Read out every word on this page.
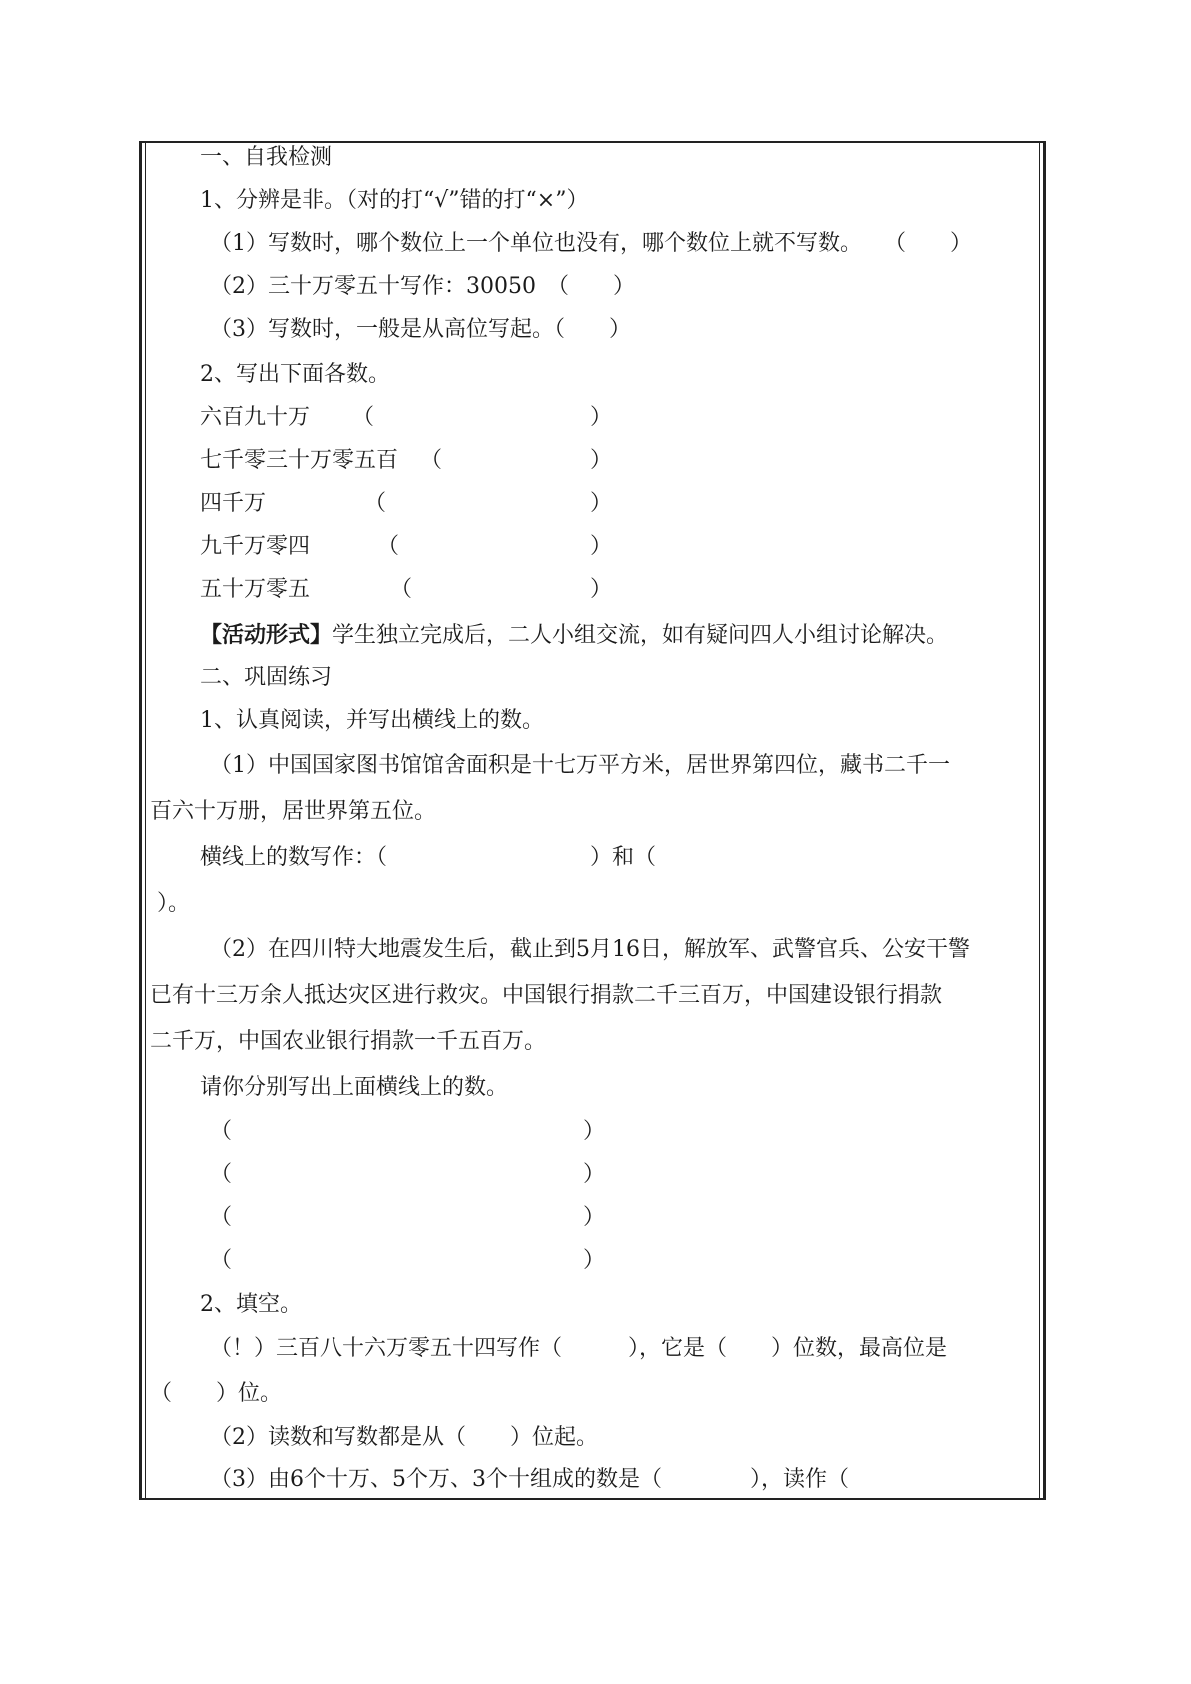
一、自我检测
1、分辨是非。（对的打“√”错的打“×”）
（1）写数时，哪个数位上一个单位也没有，哪个数位上就不写数。　　（　　）
（2）三十万零五十写作：30050　（　　）
（3）写数时，一般是从高位写起。（　　）
2、写出下面各数。
六百九十万 （	）
七千零三十万零五百 （	）
四千万	（	）
九千万零四	（	）
五十万零五	（	）
【活动形式】学生独立完成后，二人小组交流，如有疑问四人小组讨论解决。
二、巩固练习
1、认真阅读，并写出横线上的数。
（1）中国国家图书馆馆舍面积是十七万平方米，居世界第四位，藏书二千一
百六十万册，居世界第五位。
横线上的数写作：（	）和（
）。
（2）在四川特大地震发生后，截止到5月16日，解放军、武警官兵、公安干警
已有十三万余人抵达灾区进行救灾。中国银行捐款二千三百万，中国建设银行捐款
二千万，中国农业银行捐款一千五百万。
请你分别写出上面横线上的数。
（	）
（	）
（	）
（	）
2、填空。
（！）三百八十六万零五十四写作（　　　），它是（　　）位数，最高位是
（　　）位。
（2）读数和写数都是从（　　）位起。
（3）由6个十万、5个万、3个十组成的数是（　　　　），读作（
